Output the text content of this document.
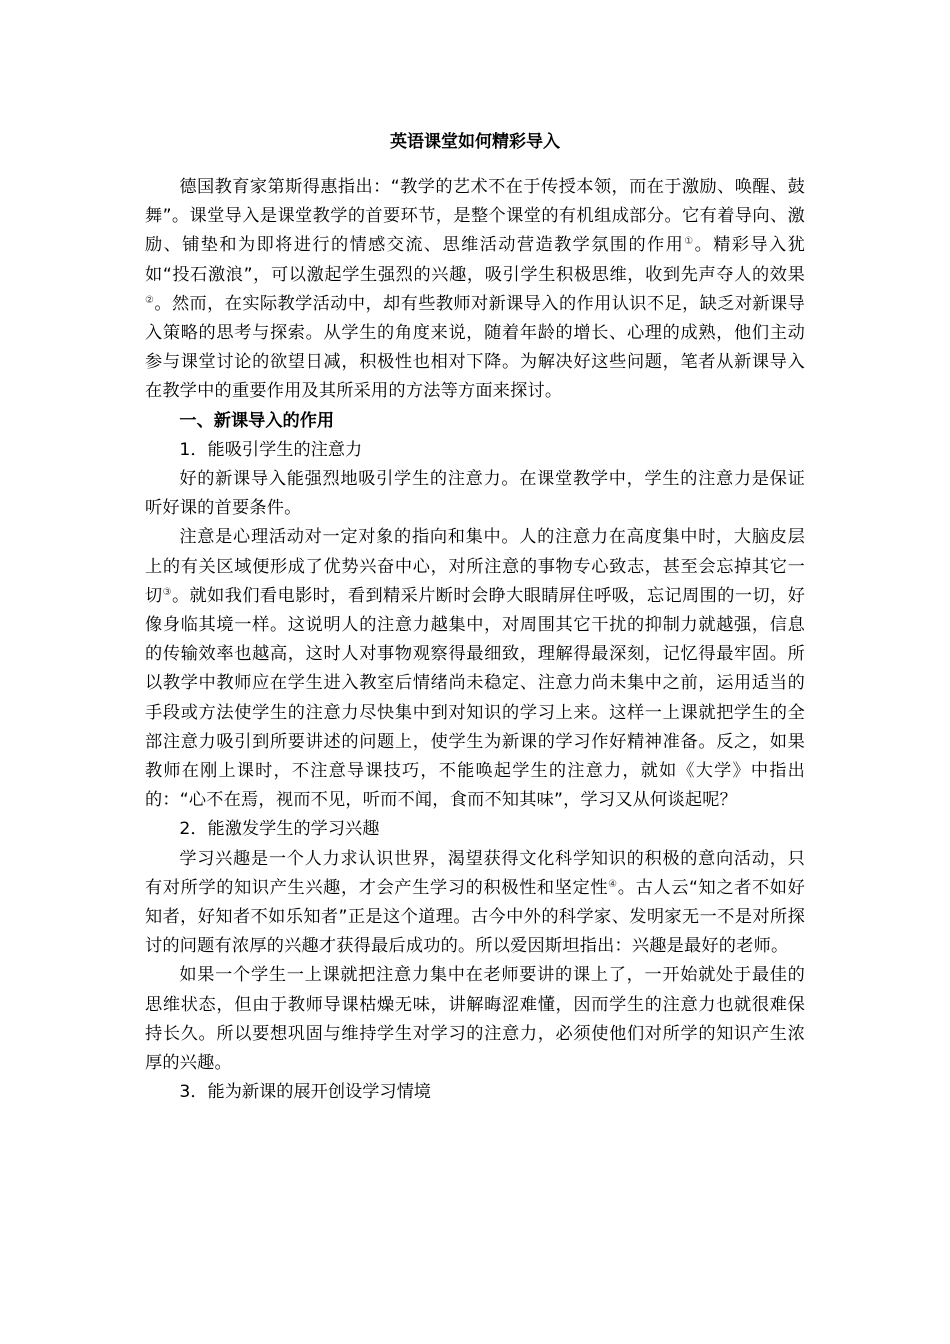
英语课堂如何精彩导入

德国教育家第斯得惠指出：“教学的艺术不在于传授本领，而在于激励、唤醒、鼓舞”。课堂导入是课堂教学的首要环节，是整个课堂的有机组成部分。它有着导向、激励、铺垫和为即将进行的情感交流、思维活动营造教学氛围的作用①。精彩导入犹如“投石激浪”，可以激起学生强烈的兴趣，吸引学生积极思维，收到先声夺人的效果②。然而，在实际教学活动中，却有些教师对新课导入的作用认识不足，缺乏对新课导入策略的思考与探索。从学生的角度来说，随着年龄的增长、心理的成熟，他们主动参与课堂讨论的欲望日减，积极性也相对下降。为解决好这些问题，笔者从新课导入在教学中的重要作用及其所采用的方法等方面来探讨。

一、新课导入的作用

1．能吸引学生的注意力

好的新课导入能强烈地吸引学生的注意力。在课堂教学中，学生的注意力是保证听好课的首要条件。

注意是心理活动对一定对象的指向和集中。人的注意力在高度集中时，大脑皮层上的有关区域便形成了优势兴奋中心，对所注意的事物专心致志，甚至会忘掉其它一切③。就如我们看电影时，看到精采片断时会睁大眼睛屏住呼吸，忘记周围的一切，好像身临其境一样。这说明人的注意力越集中，对周围其它干扰的抑制力就越强，信息的传输效率也越高，这时人对事物观察得最细致，理解得最深刻，记忆得最牢固。所以教学中教师应在学生进入教室后情绪尚未稳定、注意力尚未集中之前，运用适当的手段或方法使学生的注意力尽快集中到对知识的学习上来。这样一上课就把学生的全部注意力吸引到所要讲述的问题上，使学生为新课的学习作好精神准备。反之，如果教师在刚上课时，不注意导课技巧，不能唤起学生的注意力，就如《大学》中指出的：“心不在焉，视而不见，听而不闻，食而不知其味”，学习又从何谈起呢？

2．能激发学生的学习兴趣

学习兴趣是一个人力求认识世界，渴望获得文化科学知识的积极的意向活动，只有对所学的知识产生兴趣，才会产生学习的积极性和坚定性④。古人云“知之者不如好知者，好知者不如乐知者”正是这个道理。古今中外的科学家、发明家无一不是对所探讨的问题有浓厚的兴趣才获得最后成功的。所以爱因斯坦指出：兴趣是最好的老师。

如果一个学生一上课就把注意力集中在老师要讲的课上了，一开始就处于最佳的思维状态，但由于教师导课枯燥无味，讲解晦涩难懂，因而学生的注意力也就很难保持长久。所以要想巩固与维持学生对学习的注意力，必须使他们对所学的知识产生浓厚的兴趣。

3．能为新课的展开创设学习情境
